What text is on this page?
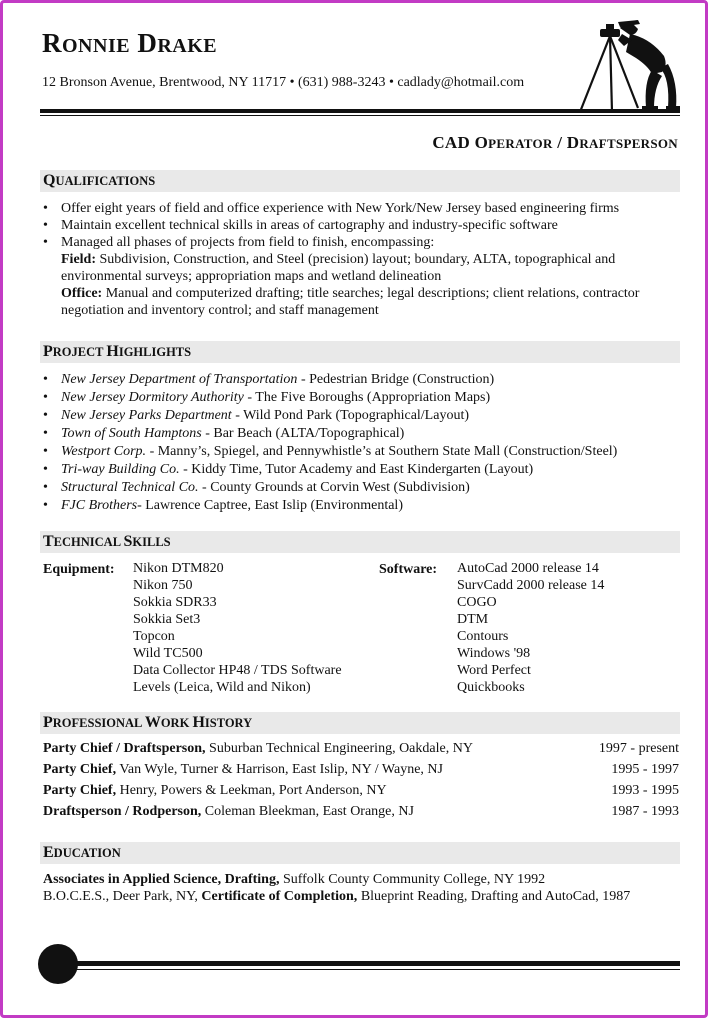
RONNIE DRAKE
12 Bronson Avenue, Brentwood, NY 11717 • (631) 988-3243 • cadlady@hotmail.com
CAD OPERATOR / DRAFTSPERSON
QUALIFICATIONS
• Offer eight years of field and office experience with New York/New Jersey based engineering firms
• Maintain excellent technical skills in areas of cartography and industry-specific software
• Managed all phases of projects from field to finish, encompassing:
Field: Subdivision, Construction, and Steel (precision) layout; boundary, ALTA, topographical and
environmental surveys; appropriation maps and wetland delineation
Office: Manual and computerized drafting; title searches; legal descriptions; client relations, contractor
negotiation and inventory control; and staff management
PROJECT HIGHLIGHTS
• New Jersey Department of Transportation - Pedestrian Bridge (Construction)
• New Jersey Dormitory Authority - The Five Boroughs (Appropriation Maps)
• New Jersey Parks Department - Wild Pond Park (Topographical/Layout)
• Town of South Hamptons - Bar Beach (ALTA/Topographical)
• Westport Corp. - Manny’s, Spiegel, and Pennywhistle’s at Southern State Mall (Construction/Steel)
• Tri-way Building Co. - Kiddy Time, Tutor Academy and East Kindergarten (Layout)
• Structural Technical Co. - County Grounds at Corvin West (Subdivision)
• FJC Brothers- Lawrence Captree, East Islip (Environmental)
TECHNICAL SKILLS
Equipment: Nikon DTM820
Nikon 750
Sokkia SDR33
Sokkia Set3
Topcon
Wild TC500
Data Collector HP48 / TDS Software
Levels (Leica, Wild and Nikon)
Software: AutoCad 2000 release 14
SurvCadd 2000 release 14
COGO
DTM
Contours
Windows '98
Word Perfect
Quickbooks
PROFESSIONAL WORK HISTORY
Party Chief / Draftsperson, Suburban Technical Engineering, Oakdale, NY	1997 - present
Party Chief, Van Wyle, Turner & Harrison, East Islip, NY / Wayne, NJ	1995 - 1997
Party Chief, Henry, Powers & Leekman, Port Anderson, NY	1993 - 1995
Draftsperson / Rodperson, Coleman Bleekman, East Orange, NJ	1987 - 1993
EDUCATION
Associates in Applied Science, Drafting, Suffolk County Community College, NY 1992
B.O.C.E.S., Deer Park, NY, Certificate of Completion, Blueprint Reading, Drafting and AutoCad, 1987
